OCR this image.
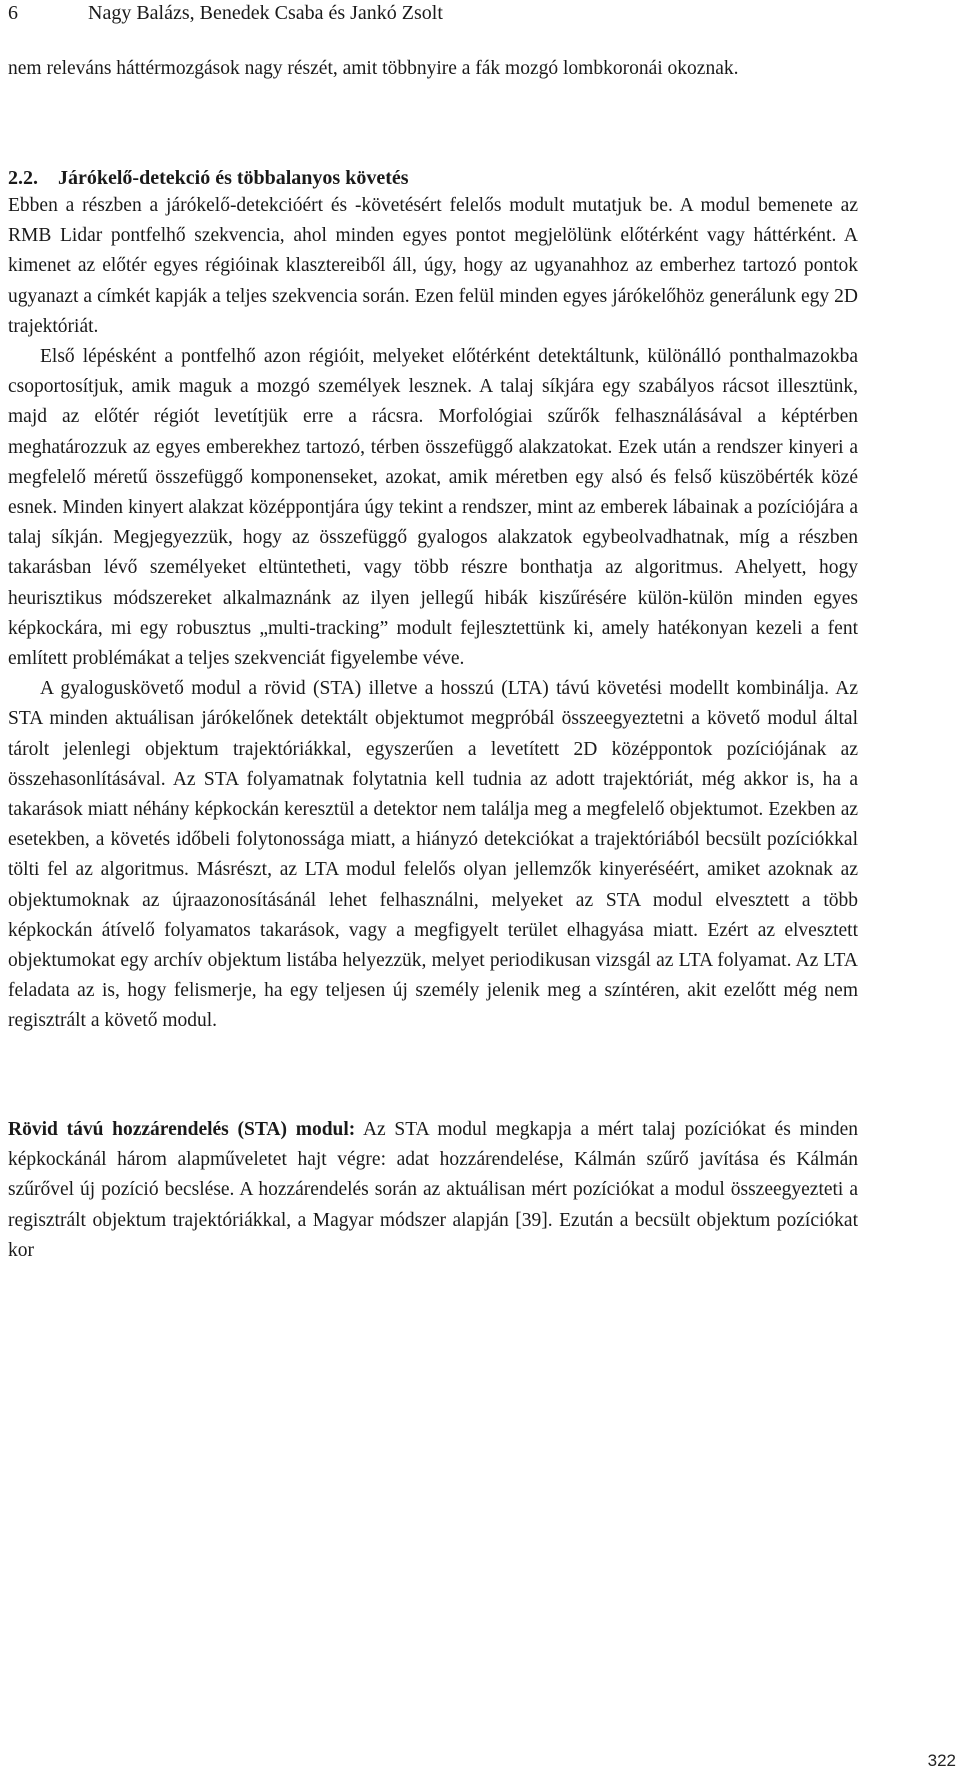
6	Nagy Balázs, Benedek Csaba és Jankó Zsolt

nem releváns háttérmozgások nagy részét, amit többnyire a fák mozgó lombkoronái okoznak.

2.2. Járókelő-detekció és többalanyos követés

Ebben a részben a járókelő-detekcióért és -követésért felelős modult mutatjuk be. A modul bemenete az RMB Lidar pontfelhő szekvencia, ahol minden egyes pontot megjelölünk előtérként vagy háttérként. A kimenet az előtér egyes régióinak klasztereiből áll, úgy, hogy az ugyanahhoz az emberhez tartozó pontok ugyanazt a címkét kapják a teljes szekvencia során. Ezen felül minden egyes járókelőhöz generálunk egy 2D trajektóriát.

Első lépésként a pontfelhő azon régióit, melyeket előtérként detektáltunk, különálló ponthalmazokba csoportosítjuk, amik maguk a mozgó személyek lesznek. A talaj síkjára egy szabályos rácsot illesztünk, majd az előtér régiót levetítjük erre a rácsra. Morfológiai szűrők felhasználásával a képtérben meghatározzuk az egyes emberekhez tartozó, térben összefüggő alakzatokat. Ezek után a rendszer kinyeri a megfelelő méretű összefüggő komponenseket, azokat, amik méretben egy alsó és felső küszöbérték közé esnek. Minden kinyert alakzat középpontjára úgy tekint a rendszer, mint az emberek lábainak a pozíciójára a talaj síkján. Megjegyezzük, hogy az összefüggő gyalogos alakzatok egybeolvadhatnak, míg a részben takarásban lévő személyeket eltüntetheti, vagy több részre bonthatja az algoritmus. Ahelyett, hogy heurisztikus módszereket alkalmaznánk az ilyen jellegű hibák kiszűrésére külön-külön minden egyes képkockára, mi egy robusztus „multi-tracking” modult fejlesztettünk ki, amely hatékonyan kezeli a fent említett problémákat a teljes szekvenciát figyelembe véve.

A gyaloguskövető modul a rövid (STA) illetve a hosszú (LTA) távú követési modellt kombinálja. Az STA minden aktuálisan járókelőnek detektált objektumot megpróbál összeegyeztetni a követő modul által tárolt jelenlegi objektum trajektóriákkal, egyszerűen a levetített 2D középpontok pozíciójának az összehasonlításával. Az STA folyamatnak folytatnia kell tudnia az adott trajektóriát, még akkor is, ha a takarások miatt néhány képkockán keresztül a detektor nem találja meg a megfelelő objektumot. Ezekben az esetekben, a követés időbeli folytonossága miatt, a hiányzó detekciókat a trajektóriából becsült pozíciókkal tölti fel az algoritmus. Másrészt, az LTA modul felelős olyan jellemzők kinyeréséért, amiket azoknak az objektumoknak az újraazonosításánál lehet felhasználni, melyeket az STA modul elvesztett a több képkockán átívelő folyamatos takarások, vagy a megfigyelt terület elhagyása miatt. Ezért az elvesztett objektumokat egy archív objektum listába helyezzük, melyet periodikusan vizsgál az LTA folyamat. Az LTA feladata az is, hogy felismerje, ha egy teljesen új személy jelenik meg a színtéren, akit ezelőtt még nem regisztrált a követő modul.

Rövid távú hozzárendelés (STA) modul: Az STA modul megkapja a mért talaj pozíciókat és minden képkockánál három alapműveletet hajt végre: adat hozzárendelése, Kálmán szűrő javítása és Kálmán szűrővel új pozíció becslése. A hozzárendelés során az aktuálisan mért pozíciókat a modul összeegyezteti a regisztrált objektum trajektóriákkal, a Magyar módszer alapján [39]. Ezután a becsült objektum pozíciókat kor

322
